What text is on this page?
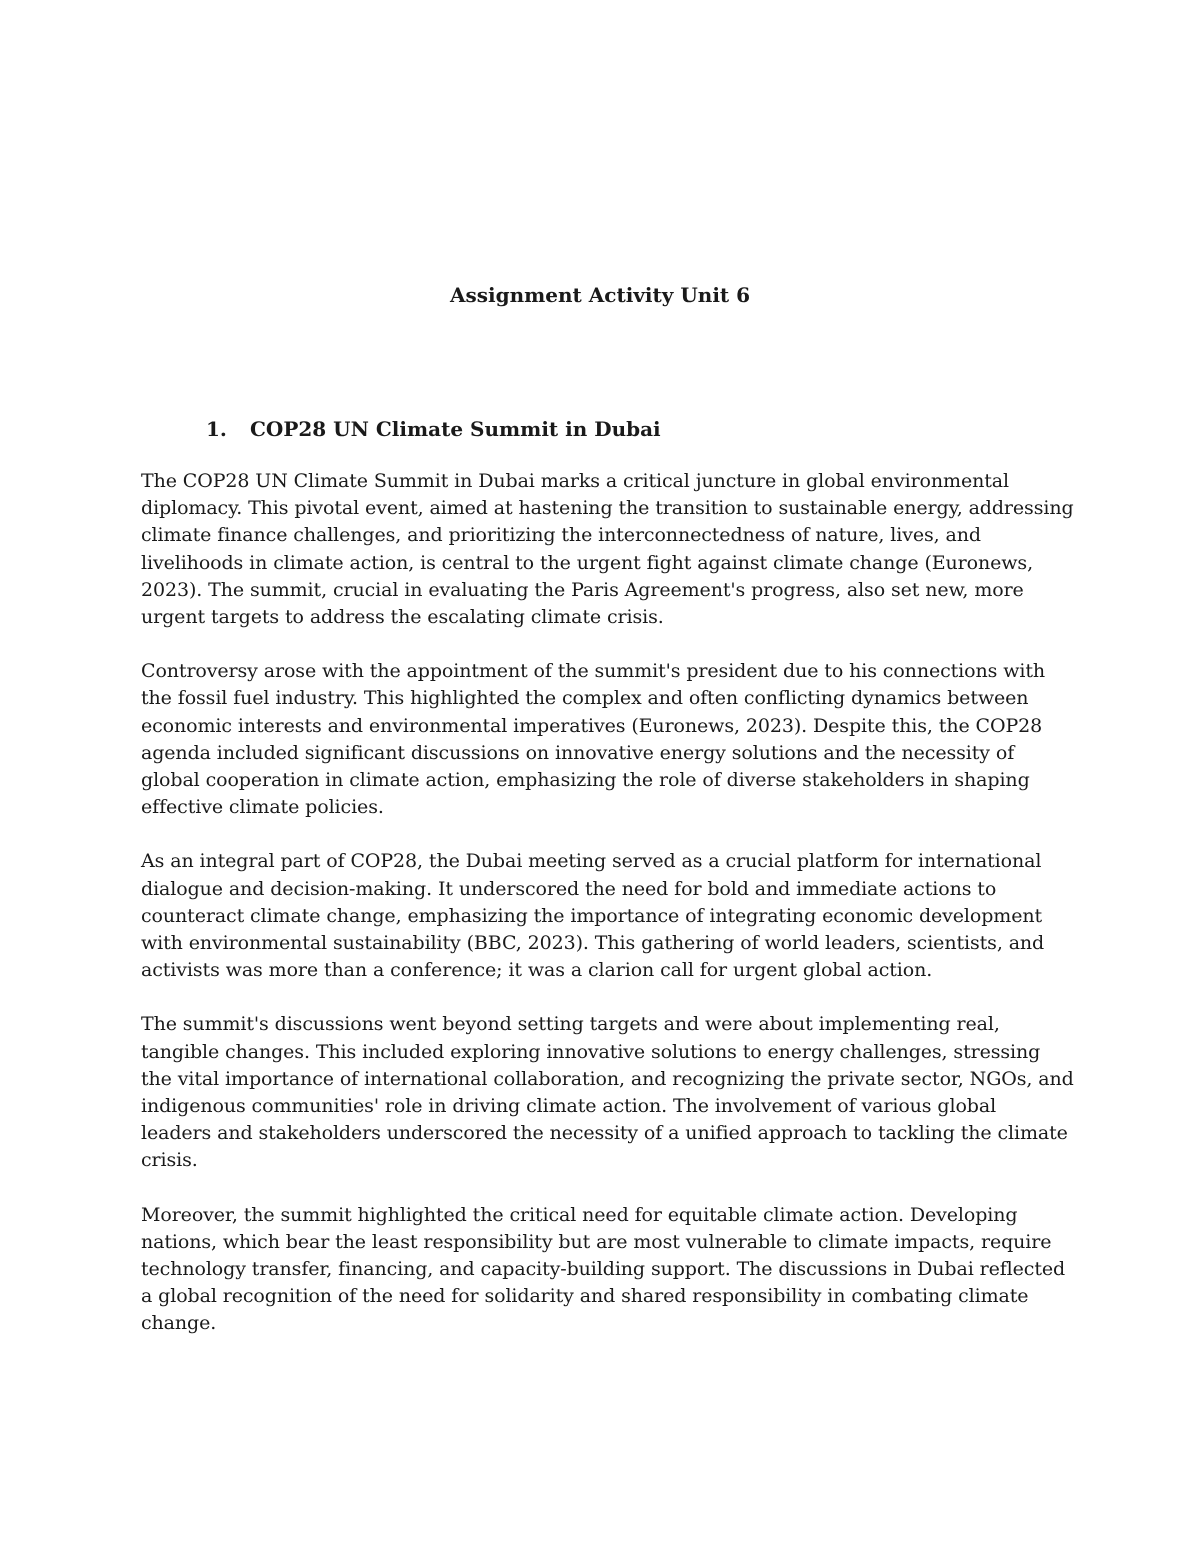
Assignment Activity Unit 6
1. COP28 UN Climate Summit in Dubai

The COP28 UN Climate Summit in Dubai marks a critical juncture in global environmental
diplomacy. This pivotal event, aimed at hastening the transition to sustainable energy, addressing
climate finance challenges, and prioritizing the interconnectedness of nature, lives, and
livelihoods in climate action, is central to the urgent fight against climate change (Euronews,
2023). The summit, crucial in evaluating the Paris Agreement's progress, also set new, more
urgent targets to address the escalating climate crisis.

Controversy arose with the appointment of the summit's president due to his connections with
the fossil fuel industry. This highlighted the complex and often conflicting dynamics between
economic interests and environmental imperatives (Euronews, 2023). Despite this, the COP28
agenda included significant discussions on innovative energy solutions and the necessity of
global cooperation in climate action, emphasizing the role of diverse stakeholders in shaping
effective climate policies.

As an integral part of COP28, the Dubai meeting served as a crucial platform for international
dialogue and decision-making. It underscored the need for bold and immediate actions to
counteract climate change, emphasizing the importance of integrating economic development
with environmental sustainability (BBC, 2023). This gathering of world leaders, scientists, and
activists was more than a conference; it was a clarion call for urgent global action.

The summit's discussions went beyond setting targets and were about implementing real,
tangible changes. This included exploring innovative solutions to energy challenges, stressing
the vital importance of international collaboration, and recognizing the private sector, NGOs, and
indigenous communities' role in driving climate action. The involvement of various global
leaders and stakeholders underscored the necessity of a unified approach to tackling the climate
crisis.

Moreover, the summit highlighted the critical need for equitable climate action. Developing
nations, which bear the least responsibility but are most vulnerable to climate impacts, require
technology transfer, financing, and capacity-building support. The discussions in Dubai reflected
a global recognition of the need for solidarity and shared responsibility in combating climate
change.
